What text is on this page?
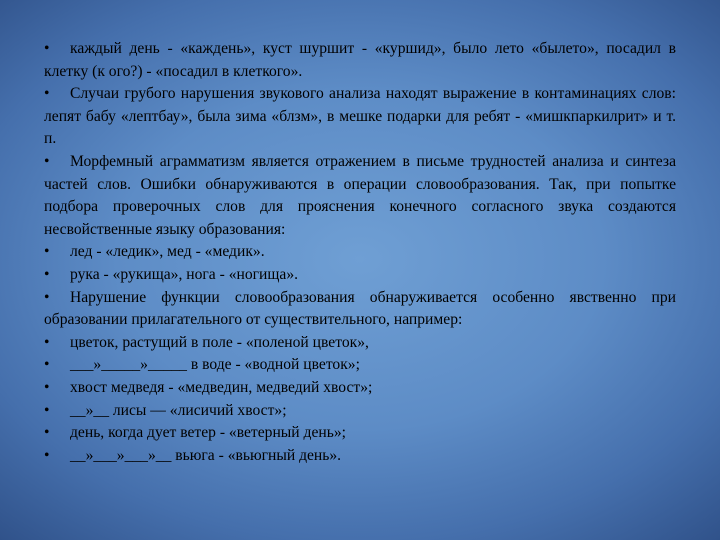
• каждый день - «каждень», куст шуршит - «куршид», было лето «былето», посадил в клетку (к ого?) - «посадил в клеткого».

• Случаи грубого нарушения звукового анализа находят выражение в контаминациях слов: лепят бабу «лептбау», была зима «блзм», в мешке подарки для ребят - «мишкпаркилрит» и т. п.

• Морфемный аграмматизм является отражением в письме трудностей анализа и синтеза частей слов. Ошибки обнаруживаются в операции словообразования. Так, при попытке подбора проверочных слов для прояснения конечного согласного звука создаются несвойственные языку образования:

• лед - «ледик», мед - «медик».

• рука - «рукища», нога - «ногища».

• Нарушение функции словообразования обнаруживается особенно явственно при образовании прилагательного от существительного, например:

• цветок, растущий в поле - «поленой цветок»,

• ___»_____»_____ в воде - «водной цветок»;

• хвост медведя - «медведин, медведий хвост»;

• __»__ лисы — «лисичий хвост»;

• день, когда дует ветер - «ветерный день»;

• __»___»___»__ вьюга - «вьюгный день».
